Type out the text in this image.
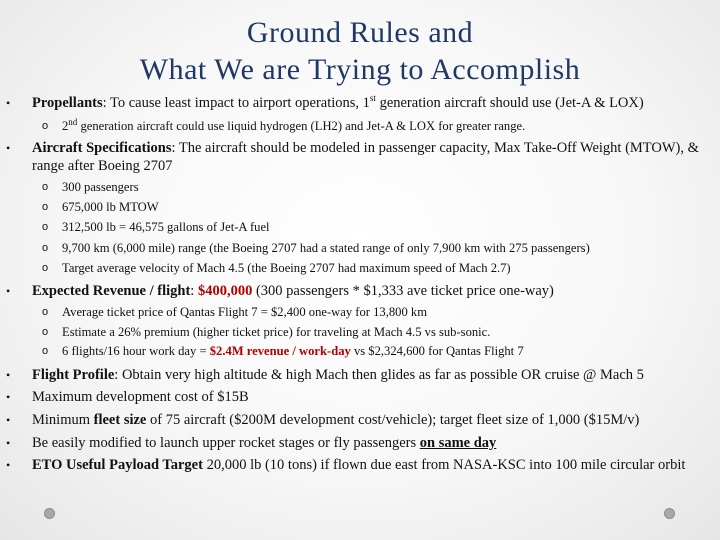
Ground Rules and
What We are Trying to Accomplish
• Propellants: To cause least impact to airport operations, 1st generation aircraft should use (Jet-A & LOX)
o 2nd generation aircraft could use liquid hydrogen (LH2) and Jet-A & LOX for greater range.
• Aircraft Specifications: The aircraft should be modeled in passenger capacity, Max Take-Off Weight (MTOW), & range after Boeing 2707
o 300 passengers
o 675,000 lb MTOW
o 312,500 lb = 46,575 gallons of Jet-A fuel
o 9,700 km (6,000 mile) range (the Boeing 2707 had a stated range of only 7,900 km with 275 passengers)
o Target average velocity of Mach 4.5 (the Boeing 2707 had maximum speed of Mach 2.7)
• Expected Revenue / flight: $400,000 (300 passengers * $1,333 ave ticket price one-way)
o Average ticket price of Qantas Flight 7 = $2,400 one-way for 13,800 km
o Estimate a 26% premium (higher ticket price) for traveling at Mach 4.5 vs sub-sonic.
o 6 flights/16 hour work day = $2.4M revenue / work-day vs $2,324,600 for Qantas Flight 7
• Flight Profile: Obtain very high altitude & high Mach then glides as far as possible OR cruise @ Mach 5
• Maximum development cost of $15B
• Minimum fleet size of 75 aircraft ($200M development cost/vehicle); target fleet size of 1,000 ($15M/v)
• Be easily modified to launch upper rocket stages or fly passengers on same day
• ETO Useful Payload Target 20,000 lb (10 tons) if flown due east from NASA-KSC into 100 mile circular orbit
